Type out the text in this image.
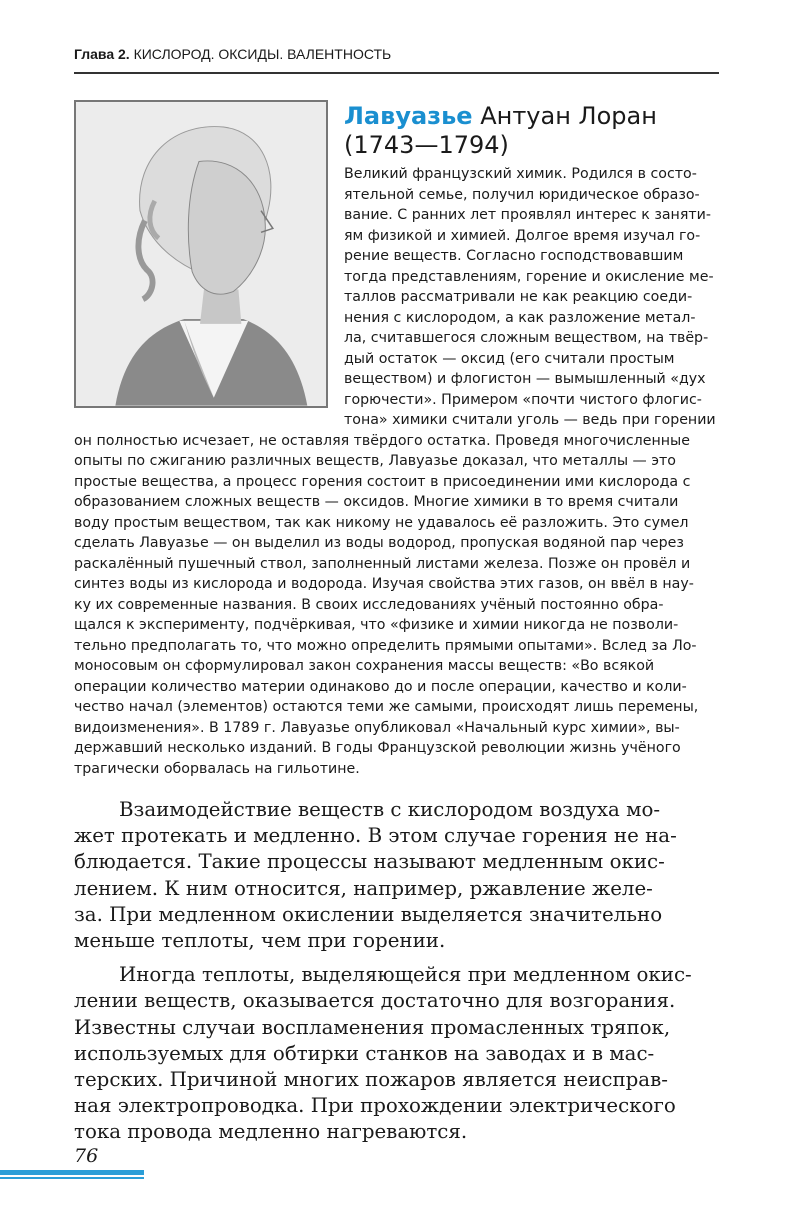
Глава 2. КИСЛОРОД. ОКСИДЫ. ВАЛЕНТНОСТЬ
Лавуазье Антуан Лоран
(1743—1794)
Великий французский химик. Родился в состо-
ятельной семье, получил юридическое образо-
вание. С ранних лет проявлял интерес к заняти-
ям физикой и химией. Долгое время изучал го-
рение веществ. Согласно господствовавшим
тогда представлениям, горение и окисление ме-
таллов рассматривали не как реакцию соеди-
нения с кислородом, а как разложение метал-
ла, считавшегося сложным веществом, на твёр-
дый остаток — оксид (его считали простым
веществом) и флогистон — вымышленный «дух
горючести». Примером «почти чистого флогис-
тона» химики считали уголь — ведь при горении
он полностью исчезает, не оставляя твёрдого остатка. Проведя многочисленные
опыты по сжиганию различных веществ, Лавуазье доказал, что металлы — это
простые вещества, а процесс горения состоит в присоединении ими кислорода с
образованием сложных веществ — оксидов. Многие химики в то время считали
воду простым веществом, так как никому не удавалось её разложить. Это сумел
сделать Лавуазье — он выделил из воды водород, пропуская водяной пар через
раскалённый пушечный ствол, заполненный листами железа. Позже он провёл и
синтез воды из кислорода и водорода. Изучая свойства этих газов, он ввёл в нау-
ку их современные названия. В своих исследованиях учёный постоянно обра-
щался к эксперименту, подчёркивая, что «физике и химии никогда не позволи-
тельно предполагать то, что можно определить прямыми опытами». Вслед за Ло-
моносовым он сформулировал закон сохранения массы веществ: «Во всякой
операции количество материи одинаково до и после операции, качество и коли-
чество начал (элементов) остаются теми же самыми, происходят лишь перемены,
видоизменения». В 1789 г. Лавуазье опубликовал «Начальный курс химии», вы-
державший несколько изданий. В годы Французской революции жизнь учёного
трагически оборвалась на гильотине.
Взаимодействие веществ с кислородом воздуха мо-
жет протекать и медленно. В этом случае горения не на-
блюдается. Такие процессы называют медленным окис-
лением. К ним относится, например, ржавление желе-
за. При медленном окислении выделяется значительно
меньше теплоты, чем при горении.
Иногда теплоты, выделяющейся при медленном окис-
лении веществ, оказывается достаточно для возгорания.
Известны случаи воспламенения промасленных тряпок,
используемых для обтирки станков на заводах и в мас-
терских. Причиной многих пожаров является неисправ-
ная электропроводка. При прохождении электрического
тока провода медленно нагреваются.
76
